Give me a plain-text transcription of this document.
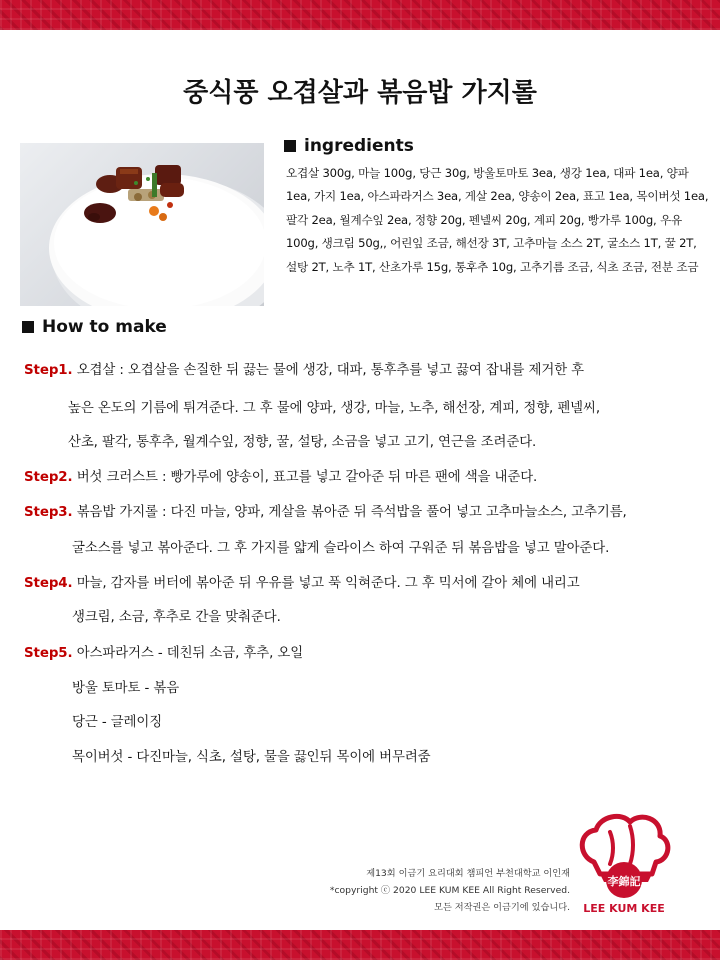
중식풍 오겹살과 볶음밥 가지롤
ingredients
오겹살 300g, 마늘 100g, 당근 30g, 방울토마토 3ea, 생강 1ea, 대파 1ea, 양파 1ea, 가지 1ea, 아스파라거스 3ea, 게살 2ea, 양송이 2ea, 표고 1ea, 목이버섯 1ea, 팔각 2ea, 월계수잎 2ea, 정향 20g, 펜넬씨 20g, 계피 20g, 빵가루 100g, 우유 100g, 생크림 50g,, 어린잎 조금, 해선장 3T, 고추마늘 소스 2T, 굴소스 1T, 꿀 2T, 설탕 2T, 노추 1T, 산초가루 15g, 통후추 10g, 고추기름 조금, 식초 조금, 전분 조금
How to make
Step1. 오겹살 : 오겹살을 손질한 뒤 끓는 물에 생강, 대파, 통후추를 넣고 끓여 잡내를 제거한 후
높은 온도의 기름에 튀겨준다. 그 후 물에 양파, 생강, 마늘, 노추, 해선장, 계피, 정향, 펜넬씨,
산초, 팔각, 통후추, 월계수잎, 정향, 꿀, 설탕, 소금을 넣고 고기, 연근을 조려준다.
Step2. 버섯 크러스트 : 빵가루에 양송이, 표고를 넣고 갈아준 뒤 마른 팬에 색을 내준다.
Step3. 볶음밥 가지롤 : 다진 마늘, 양파, 게살을 볶아준 뒤 즉석밥을 풀어 넣고 고추마늘소스, 고추기름,
굴소스를 넣고 볶아준다. 그 후 가지를 얇게 슬라이스 하여 구워준 뒤 볶음밥을 넣고 말아준다.
Step4. 마늘, 감자를 버터에 볶아준 뒤 우유를 넣고 푹 익혀준다. 그 후 믹서에 갈아 체에 내리고
생크림, 소금, 후추로 간을 맞춰준다.
Step5. 아스파라거스 - 데친뒤 소금, 후추, 오일
방울 토마토 - 볶음
당근 - 글레이징
목이버섯 - 다진마늘, 식초, 설탕, 물을 끓인뒤 목이에 버무려줌
제13회 이금기 요리대회 챔피언 부천대학교 이인재
*copyright ⓒ 2020 LEE KUM KEE All Right Reserved.
모든 저작권은 이금기에 있습니다.
李錦記
LEE KUM KEE
